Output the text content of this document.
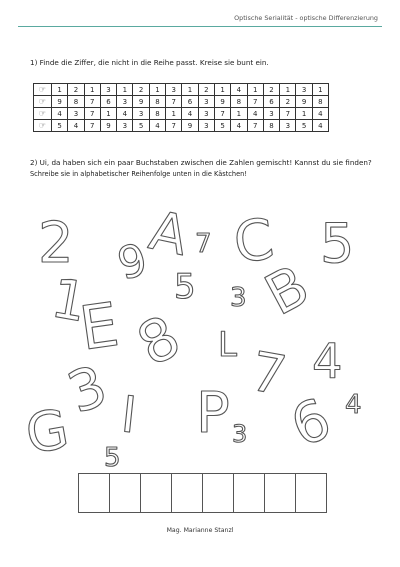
Optische Serialität - optische Differenzierung
1) Finde die Ziffer, die nicht in die Reihe passt. Kreise sie bunt ein.
☞	1	2	1	3	1	2	1	3	1	2	1	4	1	2	1	3	1
☞	9	8	7	6	3	9	8	7	6	3	9	8	7	6	2	9	8
☞	4	3	7	1	4	3	8	1	4	3	7	1	4	3	7	1	4
☞	5	4	7	9	3	5	4	7	9	3	5	4	7	8	3	5	4
2) Ui, da haben sich ein paar Buchstaben zwischen die Zahlen gemischt! Kannst du sie finden?
Schreibe sie in alphabetischer Reihenfolge unten in die Kästchen!
2 9
A 7 C 5
1 5 3 B
E 8 L 4
3 7
I P
G	4
6
3
5
Mag. Marianne Stanzl
